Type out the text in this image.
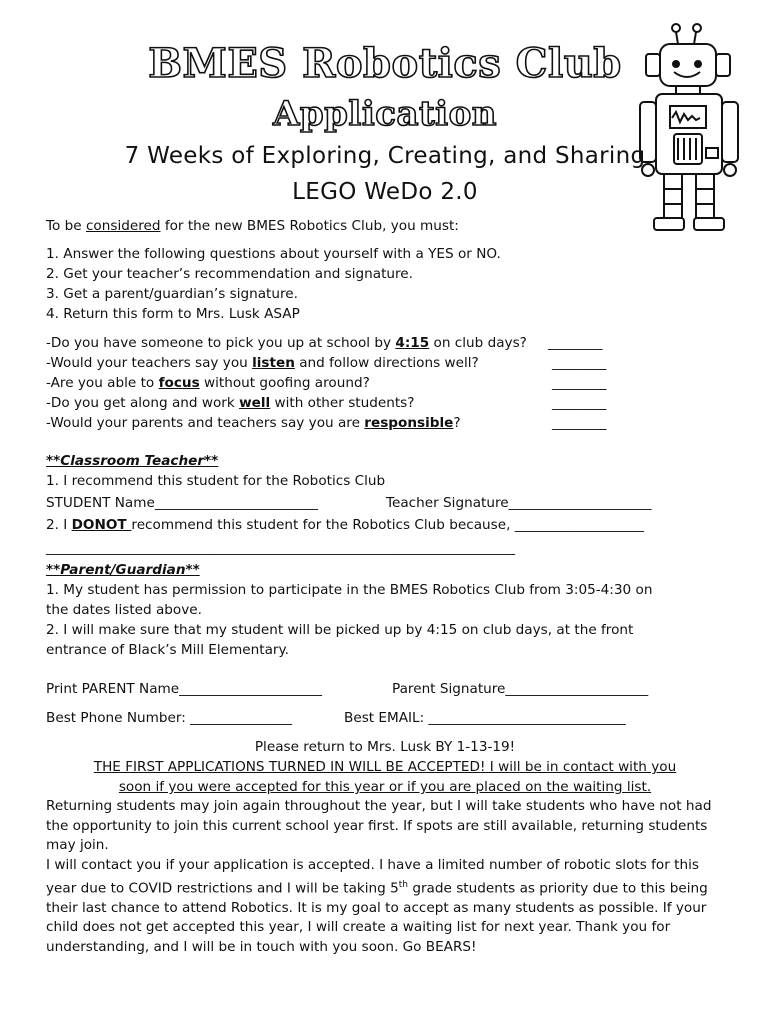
BMES Robotics Club
Application
7 Weeks of Exploring, Creating, and Sharing
LEGO WeDo 2.0
To be considered for the new BMES Robotics Club, you must:
1. Answer the following questions about yourself with a YES or NO.
2. Get your teacher’s recommendation and signature.
3. Get a parent/guardian’s signature.
4. Return this form to Mrs. Lusk ASAP
-Do you have someone to pick you up at school by 4:15 on club days? ________
-Would your teachers say you listen and follow directions well?	________
-Are you able to focus without goofing around?	________
-Do you get along and work well with other students?	________
-Would your parents and teachers say you are responsible?	________
**Classroom Teacher**
1. I recommend this student for the Robotics Club
STUDENT Name________________________	Teacher Signature_____________________
2. I DONOT recommend this student for the Robotics Club because, ___________________
_____________________________________________________________________
**Parent/Guardian**
1. My student has permission to participate in the BMES Robotics Club from 3:05-4:30 on
the dates listed above.
2. I will make sure that my student will be picked up by 4:15 on club days, at the front
entrance of Black’s Mill Elementary.
Print PARENT Name_____________________	Parent Signature_____________________
Best Phone Number: _______________	Best EMAIL: _____________________________
Please return to Mrs. Lusk BY 1-13-19!
THE FIRST APPLICATIONS TURNED IN WILL BE ACCEPTED! I will be in contact with you
soon if you were accepted for this year or if you are placed on the waiting list.
Returning students may join again throughout the year, but I will take students who have not had the opportunity to join this current school year first. If spots are still available, returning students may join.
I will contact you if your application is accepted. I have a limited number of robotic slots for this year due to COVID restrictions and I will be taking 5th grade students as priority due to this being their last chance to attend Robotics. It is my goal to accept as many students as possible. If your child does not get accepted this year, I will create a waiting list for next year. Thank you for understanding, and I will be in touch with you soon. Go BEARS!
